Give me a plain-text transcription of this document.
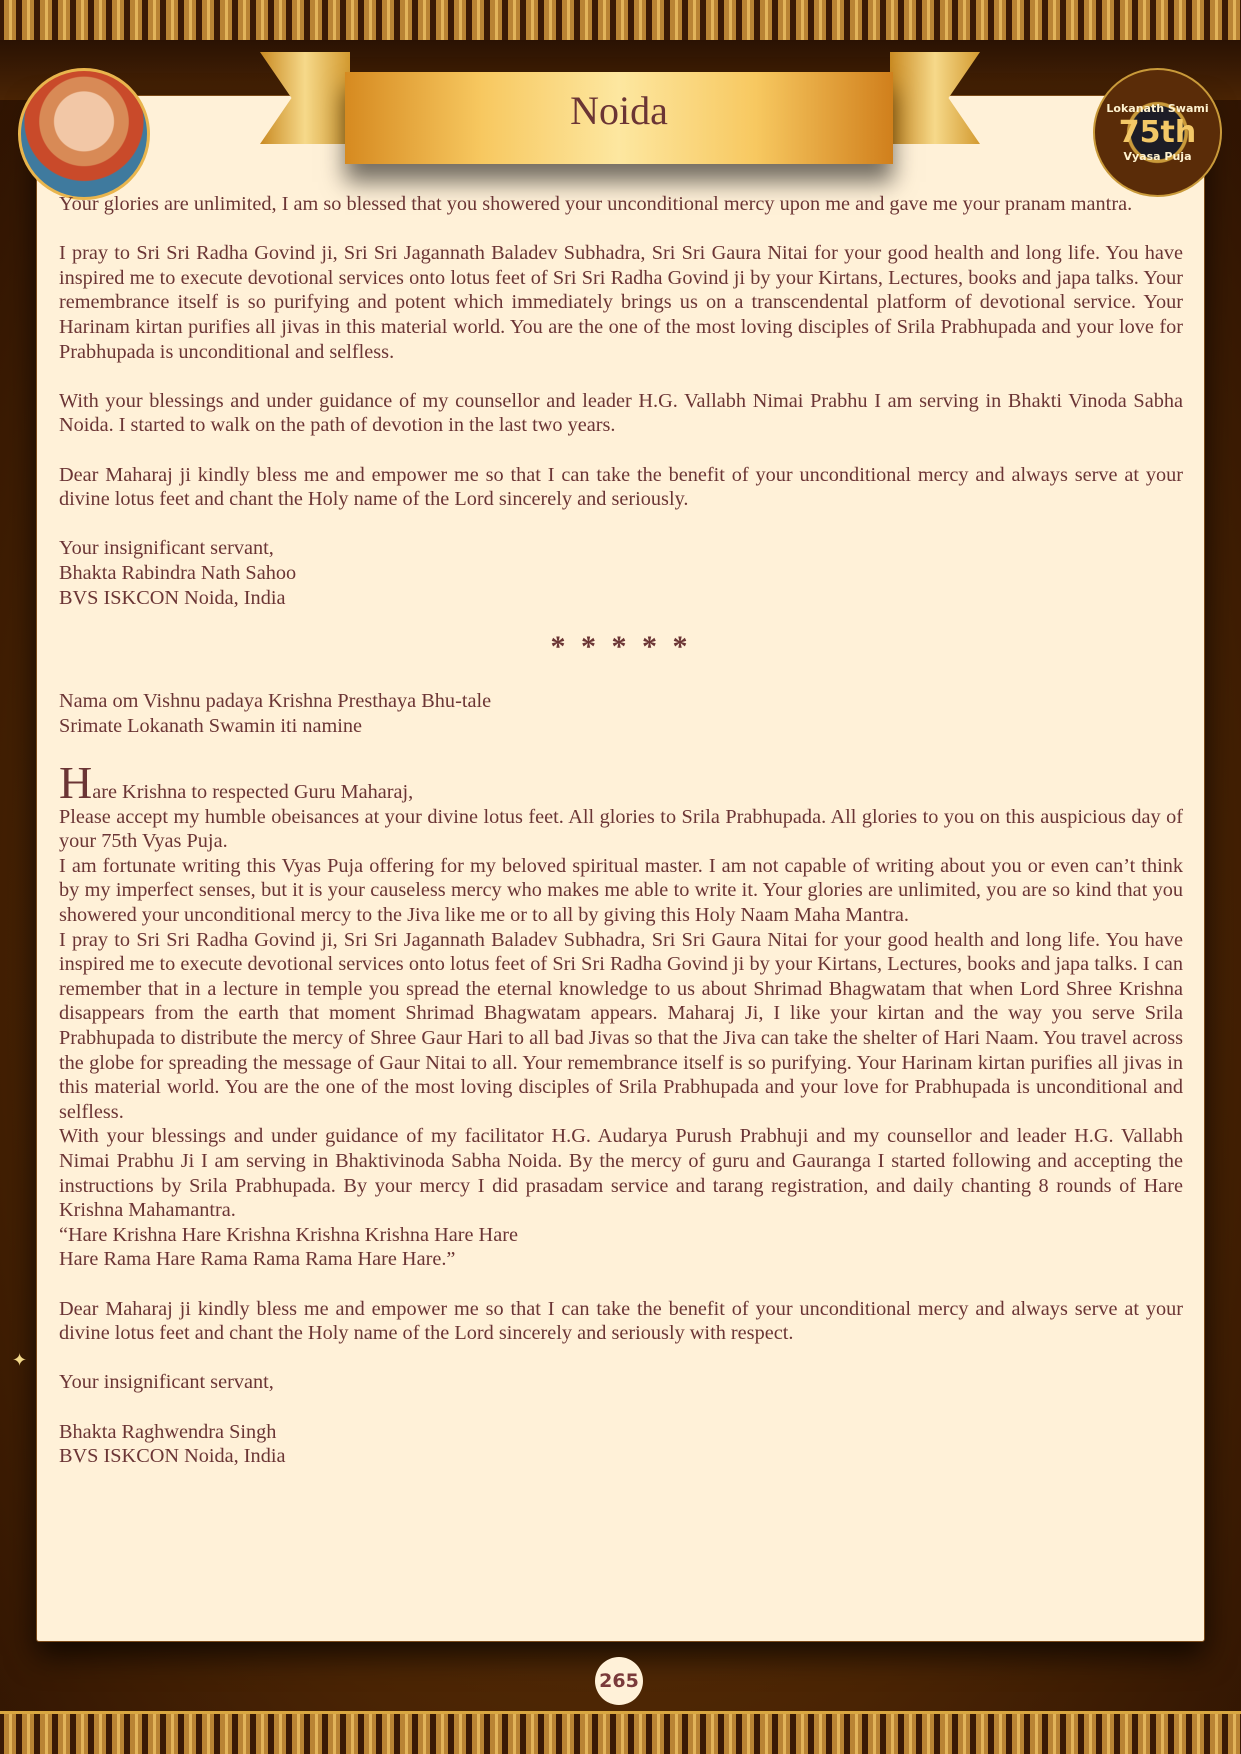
Noida	Lokanath Swami
75th
Vyasa Puja

Your glories are unlimited, I am so blessed that you showered your unconditional mercy upon me and gave me your pranam mantra.

I pray to Sri Sri Radha Govind ji, Sri Sri Jagannath Baladev Subhadra, Sri Sri Gaura Nitai for your good health and long life. You have inspired me to execute devotional services onto lotus feet of Sri Sri Radha Govind ji by your Kirtans, Lectures, books and japa talks. Your remembrance itself is so purifying and potent which immediately brings us on a transcendental platform of devotional service. Your Harinam kirtan purifies all jivas in this material world. You are the one of the most loving disciples of Srila Prabhupada and your love for Prabhupada is unconditional and selfless.

With your blessings and under guidance of my counsellor and leader H.G. Vallabh Nimai Prabhu I am serving in Bhakti Vinoda Sabha Noida. I started to walk on the path of devotion in the last two years.

Dear Maharaj ji kindly bless me and empower me so that I can take the benefit of your unconditional mercy and always serve at your divine lotus feet and chant the Holy name of the Lord sincerely and seriously.

Your insignificant servant,

Bhakta Rabindra Nath Sahoo

BVS ISKCON Noida, India

* * * * *

Nama om Vishnu padaya Krishna Presthaya Bhu-tale

Srimate Lokanath Swamin iti namine

Hare Krishna to respected Guru Maharaj,

Please accept my humble obeisances at your divine lotus feet. All glories to Srila Prabhupada. All glories to you on this auspicious day of your 75th Vyas Puja.

I am fortunate writing this Vyas Puja offering for my beloved spiritual master. I am not capable of writing about you or even can’t think by my imperfect senses, but it is your causeless mercy who makes me able to write it. Your glories are unlimited, you are so kind that you showered your unconditional mercy to the Jiva like me or to all by giving this Holy Naam Maha Mantra.

I pray to Sri Sri Radha Govind ji, Sri Sri Jagannath Baladev Subhadra, Sri Sri Gaura Nitai for your good health and long life. You have inspired me to execute devotional services onto lotus feet of Sri Sri Radha Govind ji by your Kirtans, Lectures, books and japa talks. I can remember that in a lecture in temple you spread the eternal knowledge to us about Shrimad Bhagwatam that when Lord Shree Krishna disappears from the earth that moment Shrimad Bhagwatam appears. Maharaj Ji, I like your kirtan and the way you serve Srila Prabhupada to distribute the mercy of Shree Gaur Hari to all bad Jivas so that the Jiva can take the shelter of Hari Naam. You travel across the globe for spreading the message of Gaur Nitai to all. Your remembrance itself is so purifying. Your Harinam kirtan purifies all jivas in this material world. You are the one of the most loving disciples of Srila Prabhupada and your love for Prabhupada is unconditional and selfless.

With your blessings and under guidance of my facilitator H.G. Audarya Purush Prabhuji and my counsellor and leader H.G. Vallabh Nimai Prabhu Ji I am serving in Bhaktivinoda Sabha Noida. By the mercy of guru and Gauranga I started following and accepting the instructions by Srila Prabhupada. By your mercy I did prasadam service and tarang registration, and daily chanting 8 rounds of Hare Krishna Mahamantra.

“Hare Krishna Hare Krishna Krishna Krishna Hare Hare

Hare Rama Hare Rama Rama Rama Hare Hare.”

Dear Maharaj ji kindly bless me and empower me so that I can take the benefit of your unconditional mercy and always serve at your divine lotus feet and chant the Holy name of the Lord sincerely and seriously with respect.

Your insignificant servant,

Bhakta Raghwendra Singh

BVS ISKCON Noida, India

✦
265
